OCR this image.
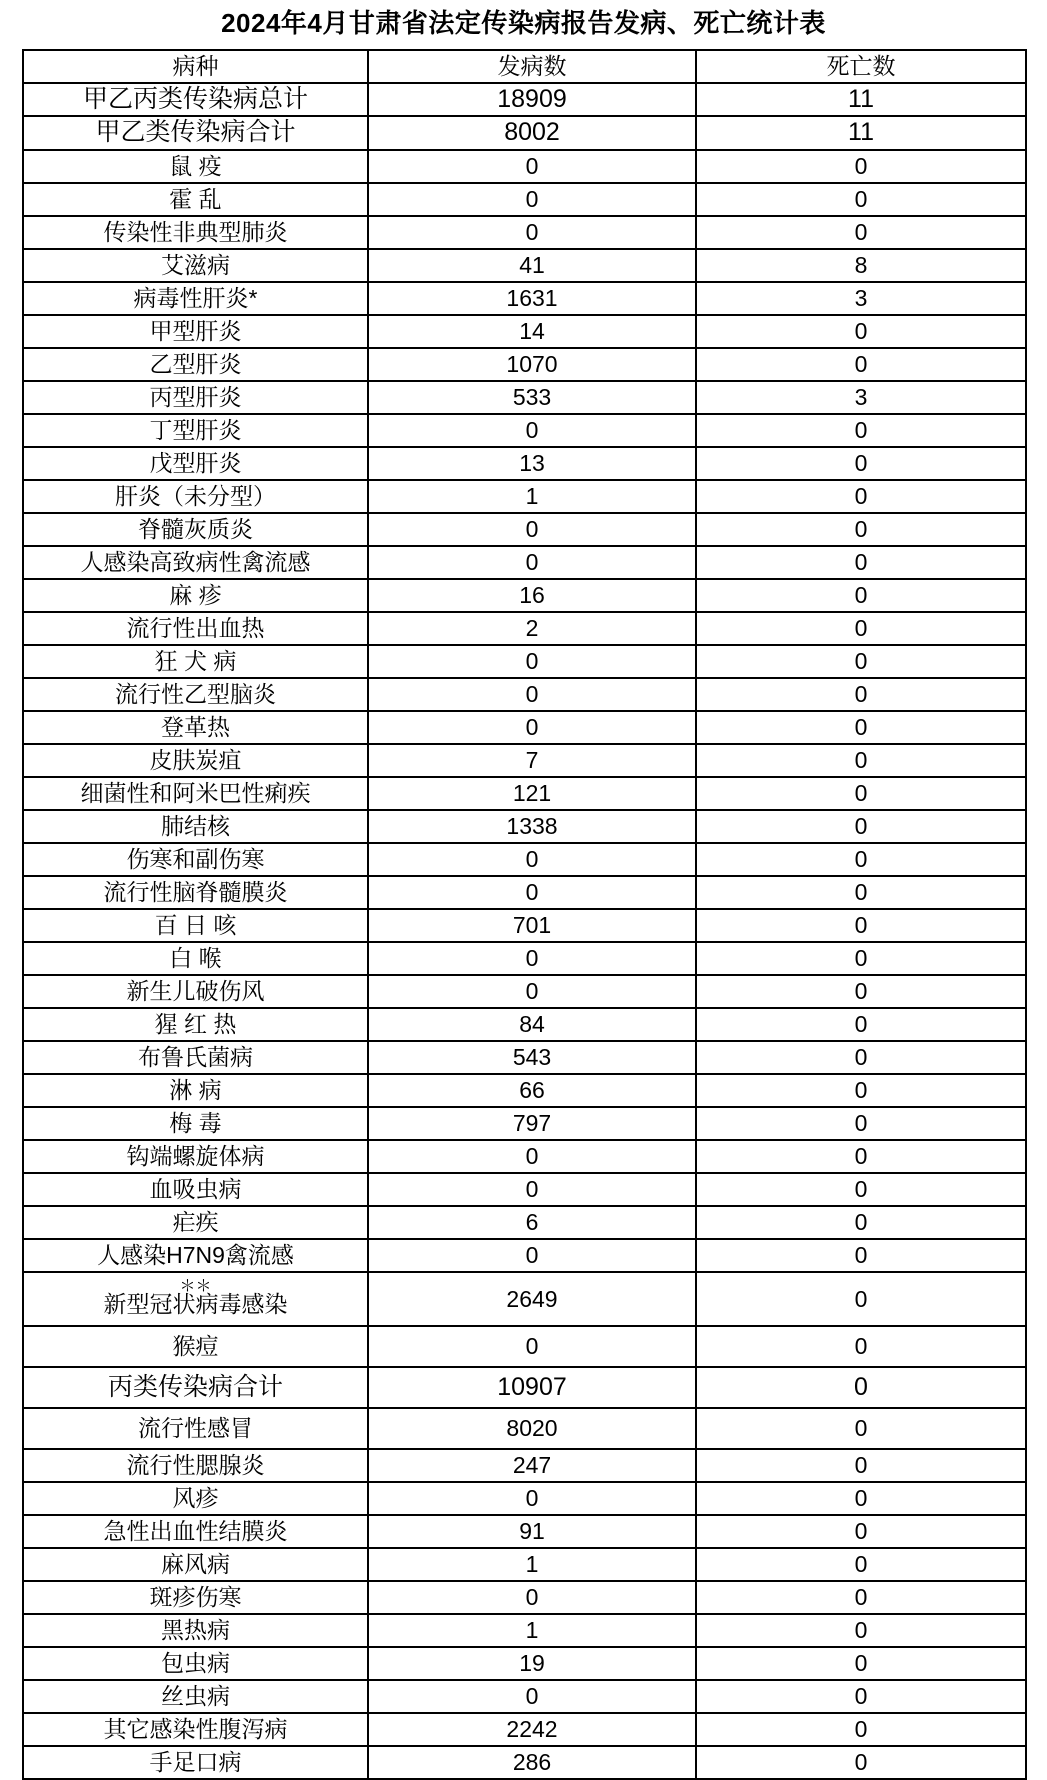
2024年4月甘肃省法定传染病报告发病、死亡统计表
病种	发病数	死亡数
甲乙丙类传染病总计	18909	11
甲乙类传染病合计	8002	11
鼠 疫	0	0
霍 乱	0	0
传染性非典型肺炎	0	0
艾滋病	41	8
病毒性肝炎*	1631	3
甲型肝炎	14	0
乙型肝炎	1070	0
丙型肝炎	533	3
丁型肝炎	0	0
戊型肝炎	13	0
肝炎（未分型）	1	0
脊髓灰质炎	0	0
人感染高致病性禽流感	0	0
麻 疹	16	0
流行性出血热	2	0
狂 犬 病	0	0
流行性乙型脑炎	0	0
登革热	0	0
皮肤炭疽	7	0
细菌性和阿米巴性痢疾	121	0
肺结核	1338	0
伤寒和副伤寒	0	0
流行性脑脊髓膜炎	0	0
百 日 咳	701	0
白 喉	0	0
新生儿破伤风	0	0
猩 红 热	84	0
布鲁氏菌病	543	0
淋 病	66	0
梅 毒	797	0
钩端螺旋体病	0	0
血吸虫病	0	0
疟疾	6	0
人感染H7N9禽流感	0	0

＊＊
新型冠状病毒感染	2649	0
猴痘	0	0
丙类传染病合计	10907	0
流行性感冒	8020	0
流行性腮腺炎	247	0
风疹	0	0
急性出血性结膜炎	91	0
麻风病	1	0
斑疹伤寒	0	0
黑热病	1	0
包虫病	19	0
丝虫病	0	0
其它感染性腹泻病	2242	0
手足口病	286	0
